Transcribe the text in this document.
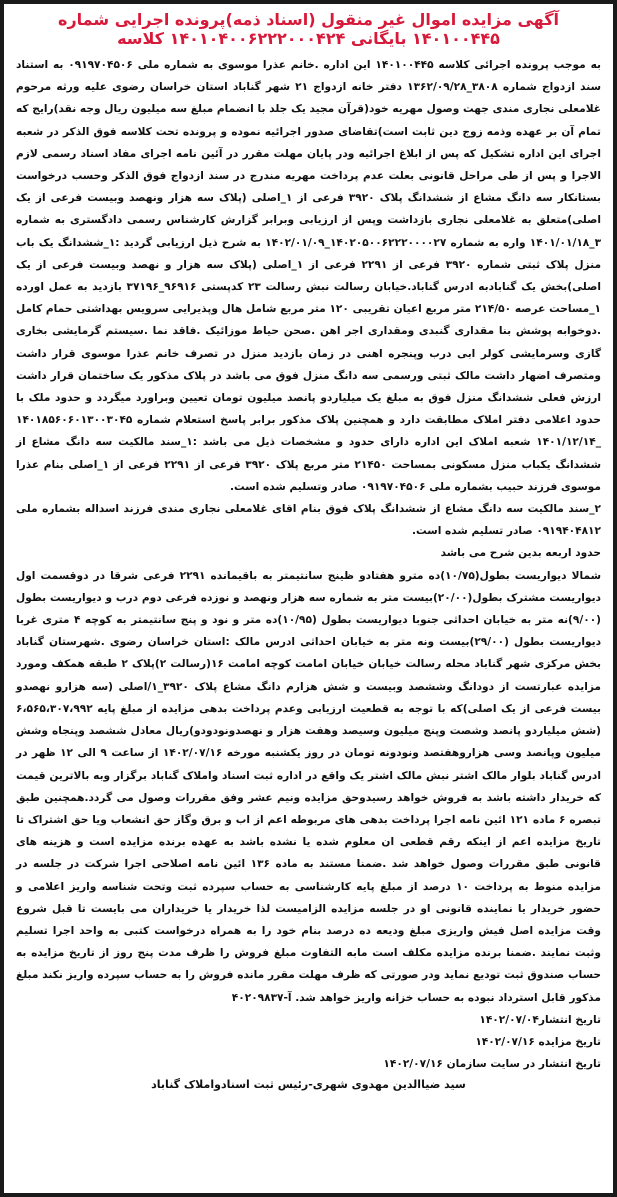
آگهی مزایده اموال غیر منقول (اسناد ذمه)پرونده اجرایی شماره
۱۴۰۱۰۰۴۴۵ بایگانی ۱۴۰۱۰۴۰۰۶۲۲۲۰۰۰۴۲۴ کلاسه

به موجب پرونده اجرائی کلاسه ۱۴۰۱۰۰۴۴۵ این اداره .خانم عذرا موسوی به شماره ملی ۰۹۱۹۷۰۴۵۰۶ به استناد سند ازدواج شماره ۳۸۰۸_۱۳۶۲/۰۹/۲۸ دفتر خانه ازدواج ۲۱ شهر گناباد استان خراسان رضوی علیه ورثه مرحوم غلامعلی نجاری مندی جهت وصول مهریه خود(قرآن مجید یک جلد با انضمام مبلغ سه میلیون ریال وجه نقد)رایج که تمام آن بر عهده وذمه زوج دین ثابت است)تقاضای صدور اجرائیه نموده و پرونده تحت کلاسه فوق الذکر در شعبه اجرای این اداره تشکیل که پس از ابلاغ اجرائیه ودر پایان مهلت مقرر در آئین نامه اجرای مفاد اسناد رسمی لازم الاجرا و پس از طی مراحل قانونی بعلت عدم پرداخت مهریه مندرج در سند ازدواج فوق الذکر وحسب درخواست بستانکار سه دانگ مشاع از ششدانگ پلاک ۳۹۲۰ فرعی از ۱_اصلی (پلاک سه هزار ونهصد وبیست فرعی از یک اصلی)متعلق به غلامعلی نجاری بازداشت وپس از ارزیابی وبرابر گزارش کارشناس رسمی دادگستری به شماره ۳_۱۴۰۱/۰۱/۱۸ واره به شماره ۱۴۰۲۰۵۰۰۶۲۲۲۰۰۰۰۲۷_۱۴۰۲/۰۱/۰۹ به شرح ذیل ارزیابی گردید :۱_ششدانگ یک باب منزل پلاک ثبتی شماره ۳۹۲۰ فرعی از ۲۲۹۱ فرعی از ۱_اصلی (پلاک سه هزار و نهصد وبیست فرعی از یک اصلی)بخش یک گنابادبه ادرس گناباد.خیابان رسالت نبش رسالت ۲۳ کدپستی ۹۶۹۱۶_۳۷۱۹۶ بازدید به عمل اورده ۱_مساحت عرصه ۲۱۴/۵۰ متر مربع اعیان تقریبی ۱۲۰ متر مربع شامل هال وپذیرایی سرویس بهداشتی حمام کامل .دوخوابه پوشش بنا مقداری گنبدی ومقداری اجر اهن .صحن حیاط موزائیک .فاقد نما .سیستم گرمایشی بخاری گازی وسرمایشی کولر ابی درب وپنجره اهنی در زمان بازدید منزل در تصرف خانم عذرا موسوی قرار داشت ومتصرف اضهار داشت مالک ثبتی ورسمی سه دانگ منزل فوق می باشد در پلاک مذکور یک ساختمان قرار داشت ارزش فعلی ششدانگ منزل فوق به مبلغ یک میلیاردو پانصد میلیون تومان تعیین وبراورد میگردد و حدود ملک با حدود اعلامی دفتر املاک مطابقت دارد و همچنین پلاک مذکور برابر پاسخ استعلام شماره ۱۴۰۱۸۵۶۰۶۰۱۳۰۰۳۰۴۵ _۱۴۰۱/۱۲/۱۴ شعبه املاک این اداره دارای حدود و مشخصات ذیل می باشد :۱_سند مالکیت سه دانگ مشاع از ششدانگ یکباب منزل مسکونی بمساحت ۲۱۴۵۰ متر مربع پلاک ۳۹۲۰ فرعی از ۲۲۹۱ فرعی از ۱_اصلی بنام عذرا موسوی فرزند حبیب بشماره ملی ۰۹۱۹۷۰۴۵۰۶ صادر وتسلیم شده است.

۲_سند مالکیت سه دانگ مشاع از ششدانگ پلاک فوق بنام اقای غلامعلی نجاری مندی فرزند اسداله بشماره ملی ۰۹۱۹۴۰۴۸۱۲ صادر تسلیم شده است.

حدود اربعه بدین شرح می باشد

شمالا دیواریست بطول(۱۰/۷۵)ده مترو هفتادو ظینج سانتیمتر به باقیمانده ۲۲۹۱ فرعی شرقا در دوقسمت اول دیواریست مشترک بطول(۲۰/۰۰)بیست متر به شماره سه هزار ونهصد و نوزده فرعی دوم درب و دیواریست بطول (۹/۰۰)نه متر به خیابان احداثی جنوبا دیواریست بطول (۱۰/۹۵)ده متر و نود و پنج سانتیمتر به کوچه ۴ متری غربا دیواریست بطول (۲۹/۰۰)بیست ونه متر به خیابان احداثی ادرس مالک :استان خراسان رضوی .شهرستان گناباد بخش مرکزی شهر گناباد محله رسالت خیابان خیابان امامت کوچه امامت ۱۶(رسالت ۲)پلاک ۲ طبقه همکف ومورد مزایده عبارتست از دودانگ وششصد وبیست و شش هزارم دانگ مشاع پلاک ۳۹۲۰_۱/اصلی (سه هزارو نهصدو بیست فرعی از یک اصلی)که با توجه به قطعیت ارزیابی وعدم پرداخت بدهی مزایده از مبلغ پایه ۶،۵۶۵،۳۰۷،۹۹۲ (شش میلیاردو پانصد وشصت وپنج میلیون وسیصد وهفت هزار و نهصدونودودو)ریال معادل ششصد وپنجاه وشش میلیون وپانصد وسی هزاروهفتصد ونودونه تومان در روز یکشنبه مورخه ۱۴۰۲/۰۷/۱۶ از ساعت ۹ الی ۱۲ ظهر در ادرس گناباد بلوار مالک اشتر نبش مالک اشتر یک واقع در اداره ثبت اسناد واملاک گناباد برگزار وبه بالاترین قیمت که خریدار داشته باشد به فروش خواهد رسیدوحق مزایده ونیم عشر وفق مقررات وصول می گردد.همچنین طبق تبصره ۶ ماده ۱۲۱ ائین نامه اجرا پرداخت بدهی های مربوطه اعم از اب و برق وگاز حق انشعاب ویا حق اشتراک تا تاریخ مزایده اعم از اینکه رقم قطعی ان معلوم شده یا نشده باشد به عهده برنده مزایده است و هزینه های قانونی طبق مقررات وصول خواهد شد .ضمنا مستند به ماده ۱۳۶ ائین نامه اصلاحی اجرا شرکت در جلسه در مزایده منوط به پرداخت ۱۰ درصد از مبلغ پایه کارشناسی به حساب سپرده ثبت وتحت شناسه واریز اعلامی و حضور خریدار یا نماینده قانونی او در جلسه مزایده الزامیست لذا خریدار یا خریداران می بایست تا قبل شروع وقت مزایده اصل فیش واریزی مبلغ ودیعه ده درصد بنام خود را به همراه درخواست کتبی به واحد اجرا تسلیم وثبت نمایند .ضمنا برنده مزایده مکلف است مابه التفاوت مبلغ فروش را ظرف مدت پنج روز از تاریخ مزایده به حساب صندوق ثبت تودیع نماید ودر صورتی که ظرف مهلت مقرر مانده فروش را به حساب سپرده واریز نکند مبلغ مذکور قابل استرداد نبوده به حساب خزانه واریز خواهد شد. آ-۴۰۲۰۹۸۳۷

تاریخ انتشار۱۴۰۲/۰۷/۰۴
تاریخ مزایده ۱۴۰۲/۰۷/۱۶
تاریخ انتشار در سایت سازمان ۱۴۰۲/۰۷/۱۶
سید ضیاالدین مهدوی شهری-رئیس ثبت اسنادواملاک گناباد
